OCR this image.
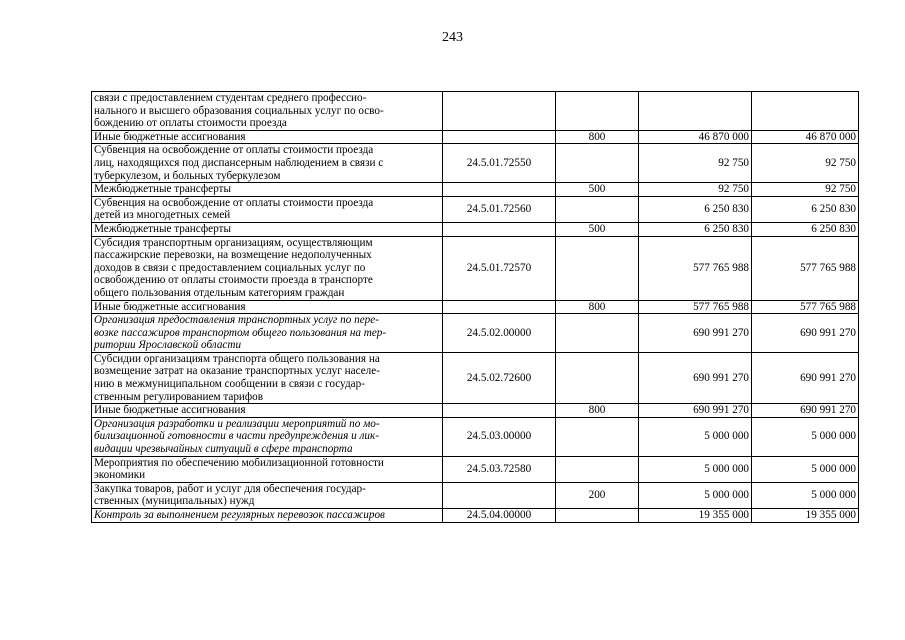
243
связи с предоставлением студентам среднего профессио-
нального и высшего образования социальных услуг по осво-
бождению от оплаты стоимости проезда				
Иные бюджетные ассигнования		800	46 870 000	46 870 000
Субвенция на освобождение от оплаты стоимости проезда
лиц, находящихся под диспансерным наблюдением в связи с
туберкулезом, и больных туберкулезом	24.5.01.72550		92 750	92 750
Межбюджетные трансферты		500	92 750	92 750
Субвенция на освобождение от оплаты стоимости проезда
детей из многодетных семей	24.5.01.72560		6 250 830	6 250 830
Межбюджетные трансферты		500	6 250 830	6 250 830
Субсидия транспортным организациям, осуществляющим
пассажирские перевозки, на возмещение недополученных
доходов в связи с предоставлением социальных услуг по
освобождению от оплаты стоимости проезда в транспорте
общего пользования отдельным категориям граждан	24.5.01.72570		577 765 988	577 765 988
Иные бюджетные ассигнования		800	577 765 988	577 765 988
Организация предоставления транспортных услуг по пере-
возке пассажиров транспортом общего пользования на тер-
ритории Ярославской области	24.5.02.00000		690 991 270	690 991 270
Субсидии организациям транспорта общего пользования на
возмещение затрат на оказание транспортных услуг населе-
нию в межмуниципальном сообщении в связи с государ-
ственным регулированием тарифов	24.5.02.72600		690 991 270	690 991 270
Иные бюджетные ассигнования		800	690 991 270	690 991 270
Организация разработки и реализации мероприятий по мо-
билизационной готовности в части предупреждения и лик-
видации чрезвычайных ситуаций в сфере транспорта	24.5.03.00000		5 000 000	5 000 000
Мероприятия по обеспечению мобилизационной готовности
экономики	24.5.03.72580		5 000 000	5 000 000
Закупка товаров, работ и услуг для обеспечения государ-
ственных (муниципальных) нужд		200	5 000 000	5 000 000
Контроль за выполнением регулярных перевозок пассажиров	24.5.04.00000		19 355 000	19 355 000
